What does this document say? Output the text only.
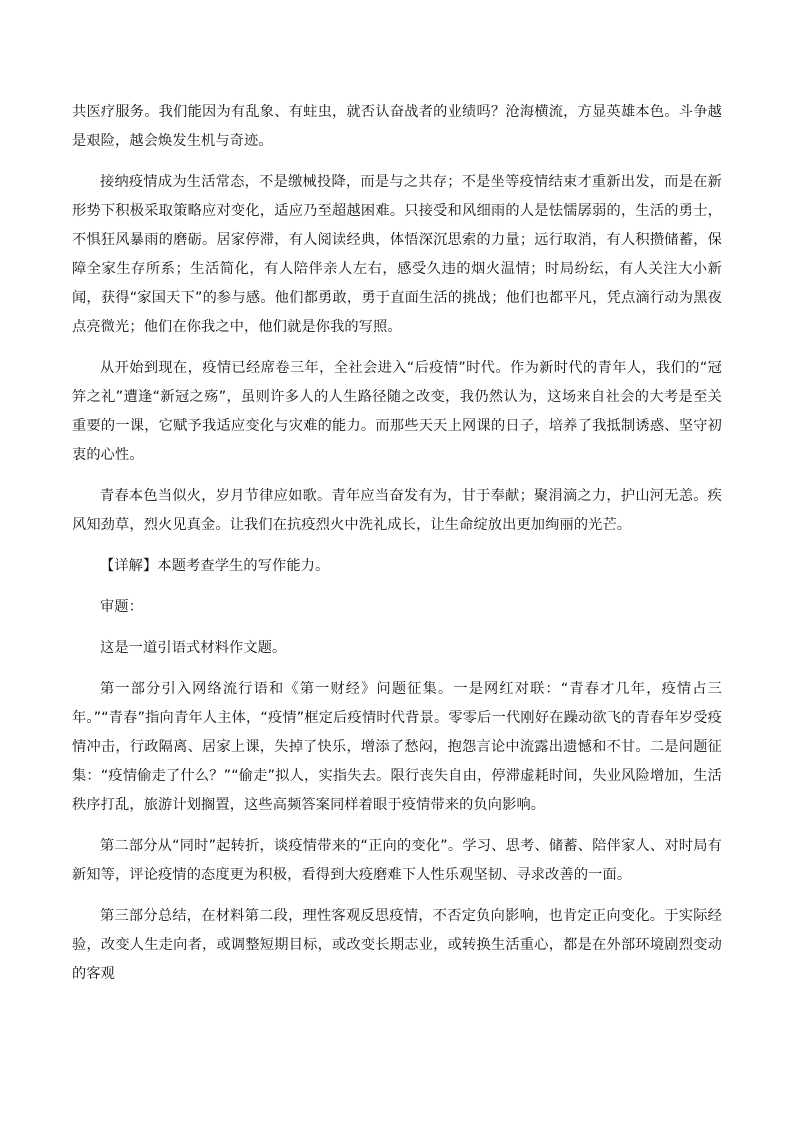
共医疗服务。我们能因为有乱象、有蛀虫，就否认奋战者的业绩吗？沧海横流，方显英雄本色。斗争越是艰险，越会焕发生机与奇迹。

接纳疫情成为生活常态，不是缴械投降，而是与之共存；不是坐等疫情结束才重新出发，而是在新形势下积极采取策略应对变化，适应乃至超越困难。只接受和风细雨的人是怯懦孱弱的，生活的勇士，不惧狂风暴雨的磨砺。居家停滞，有人阅读经典，体悟深沉思索的力量；远行取消，有人积攒储蓄，保障全家生存所系；生活简化，有人陪伴亲人左右，感受久违的烟火温情；时局纷纭，有人关注大小新闻，获得“家国天下”的参与感。他们都勇敢，勇于直面生活的挑战；他们也都平凡，凭点滴行动为黑夜点亮微光；他们在你我之中，他们就是你我的写照。

从开始到现在，疫情已经席卷三年，全社会进入“后疫情”时代。作为新时代的青年人，我们的“冠笄之礼”遭逢“新冠之殇”，虽则许多人的人生路径随之改变，我仍然认为，这场来自社会的大考是至关重要的一课，它赋予我适应变化与灾难的能力。而那些天天上网课的日子，培养了我抵制诱惑、坚守初衷的心性。

青春本色当似火，岁月节律应如歌。青年应当奋发有为，甘于奉献；聚涓滴之力，护山河无恙。疾风知劲草，烈火见真金。让我们在抗疫烈火中洗礼成长，让生命绽放出更加绚丽的光芒。

【详解】本题考查学生的写作能力。

审题：

这是一道引语式材料作文题。

第一部分引入网络流行语和《第一财经》问题征集。一是网红对联：“青春才几年，疫情占三年。”“青春”指向青年人主体，“疫情”框定后疫情时代背景。零零后一代刚好在躁动欲飞的青春年岁受疫情冲击，行政隔离、居家上课，失掉了快乐，增添了愁闷，抱怨言论中流露出遗憾和不甘。二是问题征集：“疫情偷走了什么？”“偷走”拟人，实指失去。限行丧失自由，停滞虚耗时间，失业风险增加，生活秩序打乱，旅游计划搁置，这些高频答案同样着眼于疫情带来的负向影响。

第二部分从“同时”起转折，谈疫情带来的“正向的变化”。学习、思考、储蓄、陪伴家人、对时局有新知等，评论疫情的态度更为积极，看得到大疫磨难下人性乐观坚韧、寻求改善的一面。

第三部分总结，在材料第二段，理性客观反思疫情，不否定负向影响，也肯定正向变化。于实际经验，改变人生走向者，或调整短期目标，或改变长期志业，或转换生活重心，都是在外部环境剧烈变动的客观
